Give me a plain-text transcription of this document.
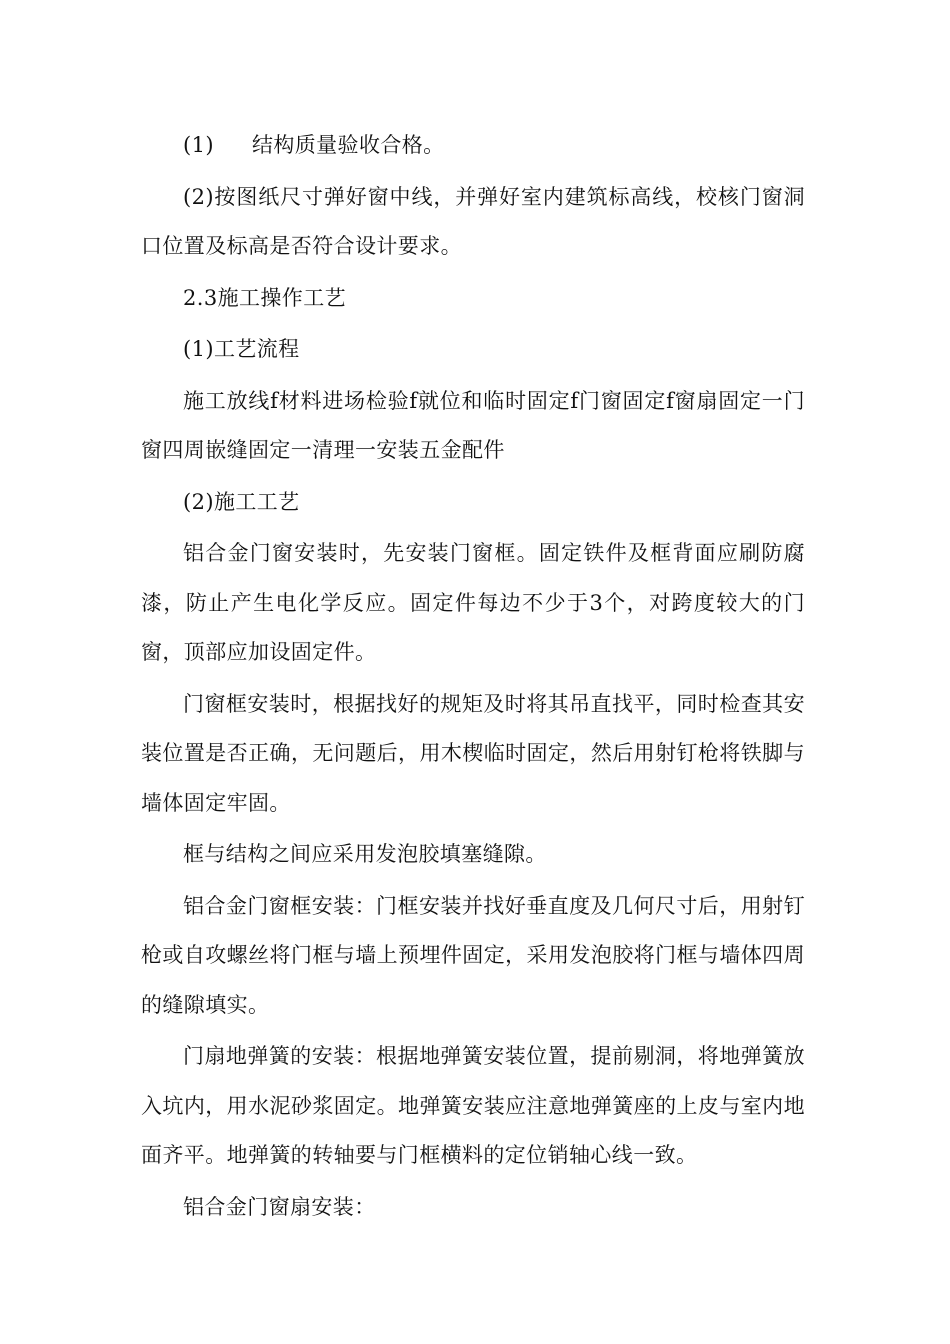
(1) 结构质量验收合格。

(2)按图纸尺寸弹好窗中线，并弹好室内建筑标高线，校核门窗洞口位置及标高是否符合设计要求。

2.3施工操作工艺

(1)工艺流程

施工放线f材料进场检验f就位和临时固定f门窗固定f窗扇固定一门窗四周嵌缝固定一清理一安装五金配件

(2)施工工艺

铝合金门窗安装时，先安装门窗框。固定铁件及框背面应刷防腐漆，防止产生电化学反应。固定件每边不少于3个，对跨度较大的门窗，顶部应加设固定件。

门窗框安装时，根据找好的规矩及时将其吊直找平，同时检查其安装位置是否正确，无问题后，用木楔临时固定，然后用射钉枪将铁脚与墙体固定牢固。

框与结构之间应采用发泡胶填塞缝隙。

铝合金门窗框安装：门框安装并找好垂直度及几何尺寸后，用射钉枪或自攻螺丝将门框与墙上预埋件固定，采用发泡胶将门框与墙体四周的缝隙填实。

门扇地弹簧的安装：根据地弹簧安装位置，提前剔洞，将地弹簧放入坑内，用水泥砂浆固定。地弹簧安装应注意地弹簧座的上皮与室内地面齐平。地弹簧的转轴要与门框横料的定位销轴心线一致。

铝合金门窗扇安装：
